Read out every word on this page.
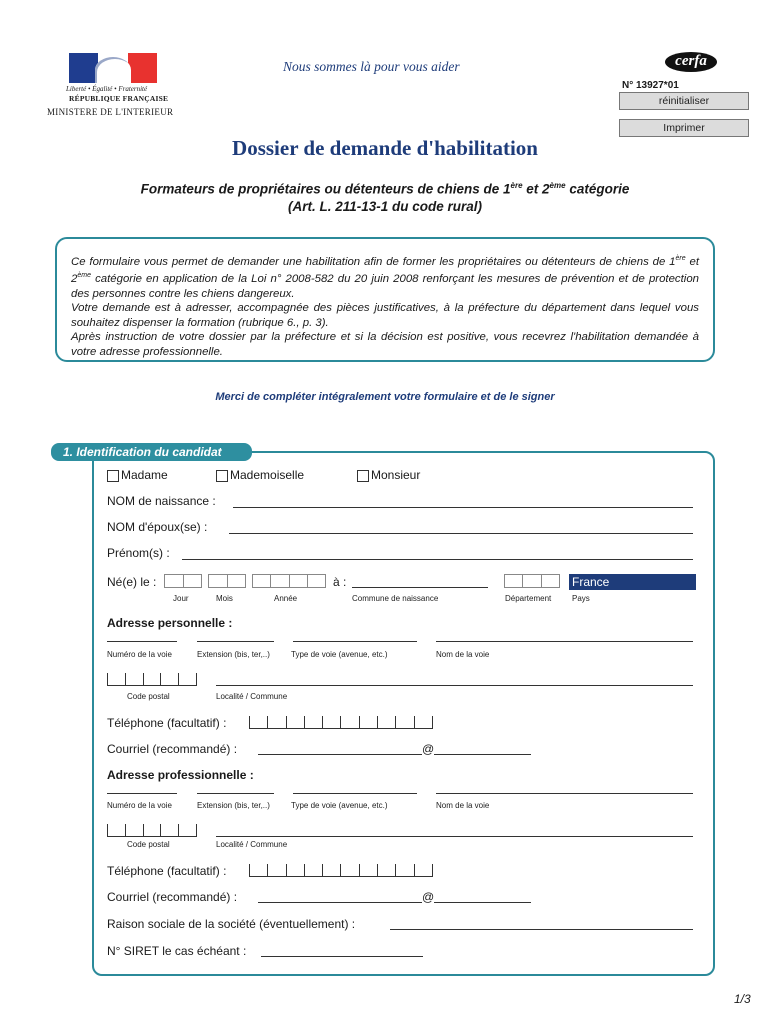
Liberté • Égalité • Fraternité
RÉPUBLIQUE FRANÇAISE
MINISTERE DE L'INTERIEUR
Nous sommes là pour vous aider	cerfa
N° 13927*01
réinitialiser
Imprimer
Dossier de demande d'habilitation
Formateurs de propriétaires ou détenteurs de chiens de 1ère et 2ème catégorie
(Art. L. 211-13-1 du code rural)
Ce formulaire vous permet de demander une habilitation afin de former les propriétaires ou détenteurs de chiens de 1ère et 2ème catégorie en application de la Loi n° 2008-582 du 20 juin 2008 renforçant les mesures de prévention et de protection des personnes contre les chiens dangereux.
Votre demande est à adresser, accompagnée des pièces justificatives, à la préfecture du département dans lequel vous souhaitez dispenser la formation (rubrique 6., p. 3).
Après instruction de votre dossier par la préfecture et si la décision est positive, vous recevrez l'habilitation demandée à votre adresse professionnelle.
Merci de compléter intégralement votre formulaire et de le signer
1. Identification du candidat
Madame	Mademoiselle	Monsieur
NOM de naissance :
NOM d'époux(se) :
Prénom(s) :
Né(e) le :	à :	France
Jour	Mois	Année	Commune de naissance	Département	Pays
Adresse personnelle :
Numéro de la voie	Extension (bis, ter,..)	Type de voie (avenue, etc.)	Nom de la voie
Code postal	Localité / Commune
Téléphone (facultatif) :
Courriel (recommandé) :	@
Adresse professionnelle :
Numéro de la voie	Extension (bis, ter,..)	Type de voie (avenue, etc.)	Nom de la voie
Code postal	Localité / Commune
Téléphone (facultatif) :
Courriel (recommandé) :	@
Raison sociale de la société (éventuellement) :
N° SIRET le cas échéant :
1/3
